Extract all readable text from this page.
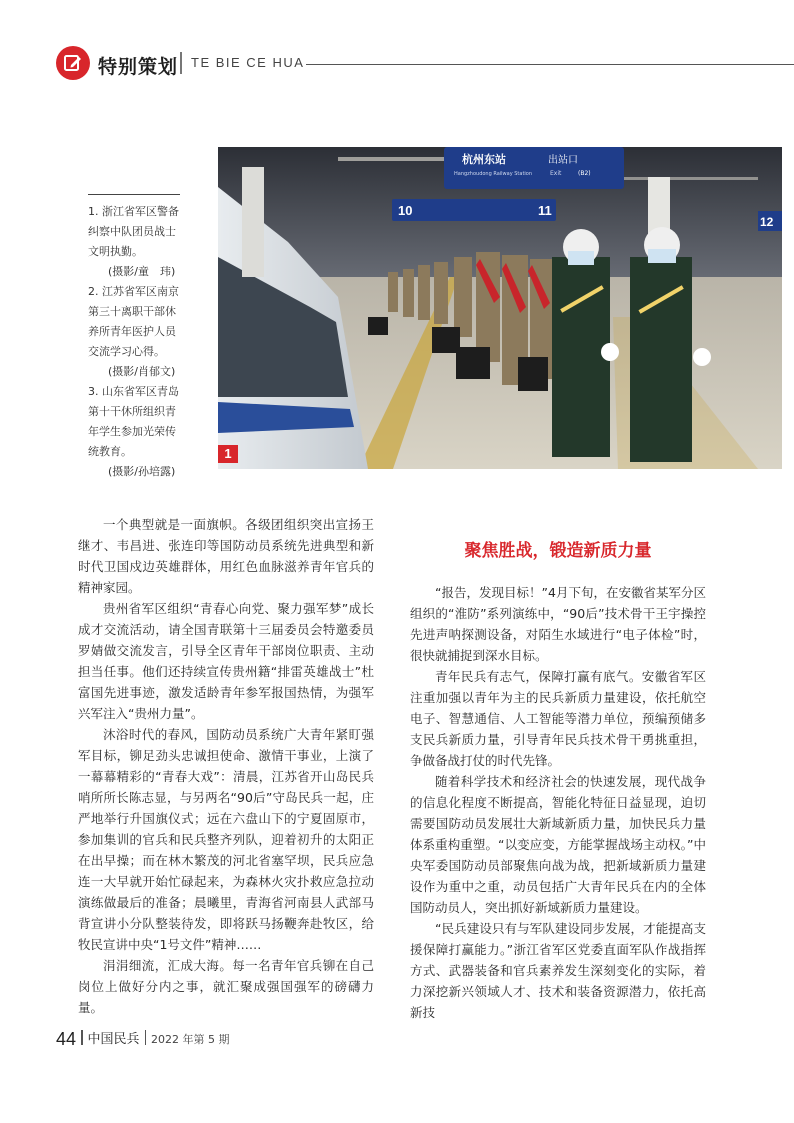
特别策划 TE BIE CE HUA
杭州东站
Hangzhoudong Railway Station
出站口
Exit	(B2)
10	11
12
1

1. 浙江省军区警备纠察中队团员战士文明执勤。

(摄影/童　玮)

2. 江苏省军区南京第三十离职干部休养所青年医护人员交流学习心得。

(摄影/肖郁文)

3. 山东省军区青岛第十干休所组织青年学生参加光荣传统教育。

(摄影/孙培露)

一个典型就是一面旗帜。各级团组织突出宣扬王继才、韦昌进、张连印等国防动员系统先进典型和新时代卫国戍边英雄群体，用红色血脉滋养青年官兵的精神家园。

贵州省军区组织“青春心向党、聚力强军梦”成长成才交流活动，请全国青联第十三届委员会特邀委员罗婧做交流发言，引导全区青年干部岗位职责、主动担当任事。他们还持续宣传贵州籍“排雷英雄战士”杜富国先进事迹，激发适龄青年参军报国热情，为强军兴军注入“贵州力量”。

沐浴时代的春风，国防动员系统广大青年紧盯强军目标，铆足劲头忠诚担使命、激情干事业，上演了一幕幕精彩的“青春大戏”：清晨，江苏省开山岛民兵哨所所长陈志显，与另两名“90后”守岛民兵一起，庄严地举行升国旗仪式；远在六盘山下的宁夏固原市，参加集训的官兵和民兵整齐列队，迎着初升的太阳正在出早操；而在林木繁茂的河北省塞罕坝，民兵应急连一大早就开始忙碌起来，为森林火灾扑救应急拉动演练做最后的准备；晨曦里，青海省河南县人武部马背宣讲小分队整装待发，即将跃马扬鞭奔赴牧区，给牧民宣讲中央“1号文件”精神……

涓涓细流，汇成大海。每一名青年官兵铆在自己岗位上做好分内之事，就汇聚成强国强军的磅礴力量。

聚焦胜战，锻造新质力量

“报告，发现目标！”4月下旬，在安徽省某军分区组织的“淮防”系列演练中，“90后”技术骨干王宇操控先进声呐探测设备，对陌生水域进行“电子体检”时，很快就捕捉到深水目标。

青年民兵有志气，保障打赢有底气。安徽省军区注重加强以青年为主的民兵新质力量建设，依托航空电子、智慧通信、人工智能等潜力单位，预编预储多支民兵新质力量，引导青年民兵技术骨干勇挑重担，争做备战打仗的时代先锋。

随着科学技术和经济社会的快速发展，现代战争的信息化程度不断提高，智能化特征日益显现，迫切需要国防动员发展壮大新域新质力量，加快民兵力量体系重构重塑。“以变应变，方能掌握战场主动权。”中央军委国防动员部聚焦向战为战，把新域新质力量建设作为重中之重，动员包括广大青年民兵在内的全体国防动员人，突出抓好新域新质力量建设。

“民兵建设只有与军队建设同步发展，才能提高支援保障打赢能力。”浙江省军区党委直面军队作战指挥方式、武器装备和官兵素养发生深刻变化的实际，着力深挖新兴领域人才、技术和装备资源潜力，依托高新技

44 中国民兵 2022 年第 5 期
